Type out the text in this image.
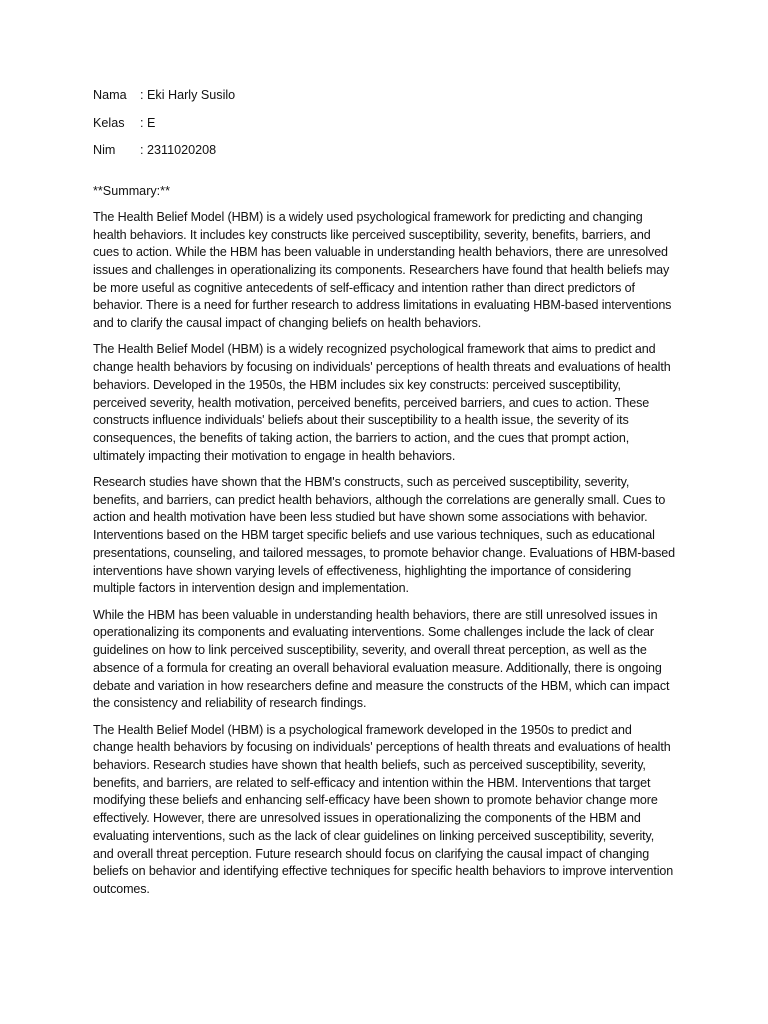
Nama	: Eki Harly Susilo
Kelas	: E
Nim	: 2311020208
**Summary:**

The Health Belief Model (HBM) is a widely used psychological framework for predicting and changing health behaviors. It includes key constructs like perceived susceptibility, severity, benefits, barriers, and cues to action. While the HBM has been valuable in understanding health behaviors, there are unresolved issues and challenges in operationalizing its components. Researchers have found that health beliefs may be more useful as cognitive antecedents of self-efficacy and intention rather than direct predictors of behavior. There is a need for further research to address limitations in evaluating HBM-based interventions and to clarify the causal impact of changing beliefs on health behaviors.

The Health Belief Model (HBM) is a widely recognized psychological framework that aims to predict and change health behaviors by focusing on individuals' perceptions of health threats and evaluations of health behaviors. Developed in the 1950s, the HBM includes six key constructs: perceived susceptibility, perceived severity, health motivation, perceived benefits, perceived barriers, and cues to action. These constructs influence individuals' beliefs about their susceptibility to a health issue, the severity of its consequences, the benefits of taking action, the barriers to action, and the cues that prompt action, ultimately impacting their motivation to engage in health behaviors.

Research studies have shown that the HBM's constructs, such as perceived susceptibility, severity, benefits, and barriers, can predict health behaviors, although the correlations are generally small. Cues to action and health motivation have been less studied but have shown some associations with behavior. Interventions based on the HBM target specific beliefs and use various techniques, such as educational presentations, counseling, and tailored messages, to promote behavior change. Evaluations of HBM-based interventions have shown varying levels of effectiveness, highlighting the importance of considering multiple factors in intervention design and implementation.

While the HBM has been valuable in understanding health behaviors, there are still unresolved issues in operationalizing its components and evaluating interventions. Some challenges include the lack of clear guidelines on how to link perceived susceptibility, severity, and overall threat perception, as well as the absence of a formula for creating an overall behavioral evaluation measure. Additionally, there is ongoing debate and variation in how researchers define and measure the constructs of the HBM, which can impact the consistency and reliability of research findings.

The Health Belief Model (HBM) is a psychological framework developed in the 1950s to predict and change health behaviors by focusing on individuals' perceptions of health threats and evaluations of health behaviors. Research studies have shown that health beliefs, such as perceived susceptibility, severity, benefits, and barriers, are related to self-efficacy and intention within the HBM. Interventions that target modifying these beliefs and enhancing self-efficacy have been shown to promote behavior change more effectively. However, there are unresolved issues in operationalizing the components of the HBM and evaluating interventions, such as the lack of clear guidelines on linking perceived susceptibility, severity, and overall threat perception. Future research should focus on clarifying the causal impact of changing beliefs on behavior and identifying effective techniques for specific health behaviors to improve intervention outcomes.
